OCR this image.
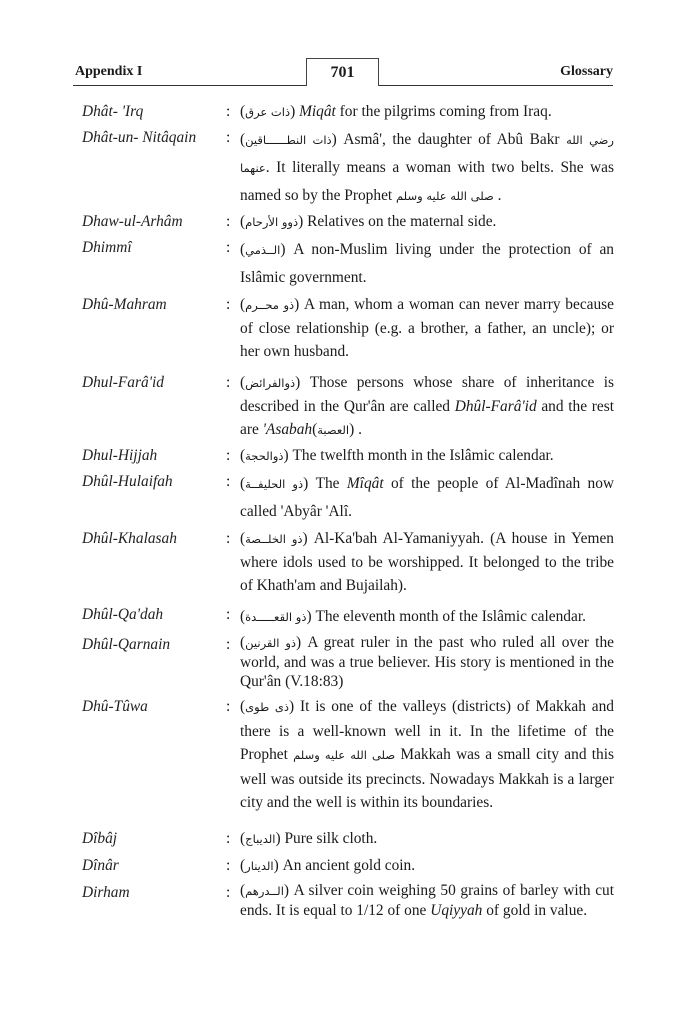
Appendix I	701	Glossary
Dhât- 'Irq	: (ذات عرق) Miqât for the pilgrims coming from Iraq.
Dhât-un- Nitâqain	: (ذات النطــــــاقين) Asmâ', the daughter of Abû Bakr رضي الله عنهما. It literally means a woman with two belts. She was named so by the Prophet صلى الله عليه وسلم .
Dhaw-ul-Arhâm	: (ذوو الأرحام) Relatives on the maternal side.
Dhimmî	: (الــذمي) A non-Muslim living under the protection of an Islâmic government.
Dhû-Mahram	: (ذو محــرم) A man, whom a woman can never marry because of close relationship (e.g. a brother, a father, an uncle); or her own husband.
Dhul-Farâ'id	: (ذوالفرائض) Those persons whose share of inheritance is described in the Qur'ân are called Dhûl-Farâ'id and the rest are 'Asabah(العصبة) .
Dhul-Hijjah	: (ذوالحجة) The twelfth month in the Islâmic calendar.
Dhûl-Hulaifah	: (ذو الحليفــة) The Mîqât of the people of Al-Madînah now called 'Abyâr 'Alî.
Dhûl-Khalasah	: (ذو الخلــصة) Al-Ka'bah Al-Yamaniyyah. (A house in Yemen where idols used to be worshipped. It belonged to the tribe of Khath'am and Bujailah).
Dhûl-Qa'dah	: (ذو القعـــــدة) The eleventh month of the Islâmic calendar.
Dhûl-Qarnain	: (ذو القرنين) A great ruler in the past who ruled all over the world, and was a true believer. His story is mentioned in the Qur'ân (V.18:83)
Dhû-Tûwa	: (ذى طوى) It is one of the valleys (districts) of Makkah and there is a well-known well in it. In the lifetime of the Prophet صلى الله عليه وسلم Makkah was a small city and this well was outside its precincts. Nowadays Makkah is a larger city and the well is within its boundaries.
Dîbâj	: (الديباج) Pure silk cloth.
Dînâr	: (الدينار) An ancient gold coin.
Dirham	: (الــدرهم) A silver coin weighing 50 grains of barley with cut ends. It is equal to 1/12 of one Uqiyyah of gold in value.
